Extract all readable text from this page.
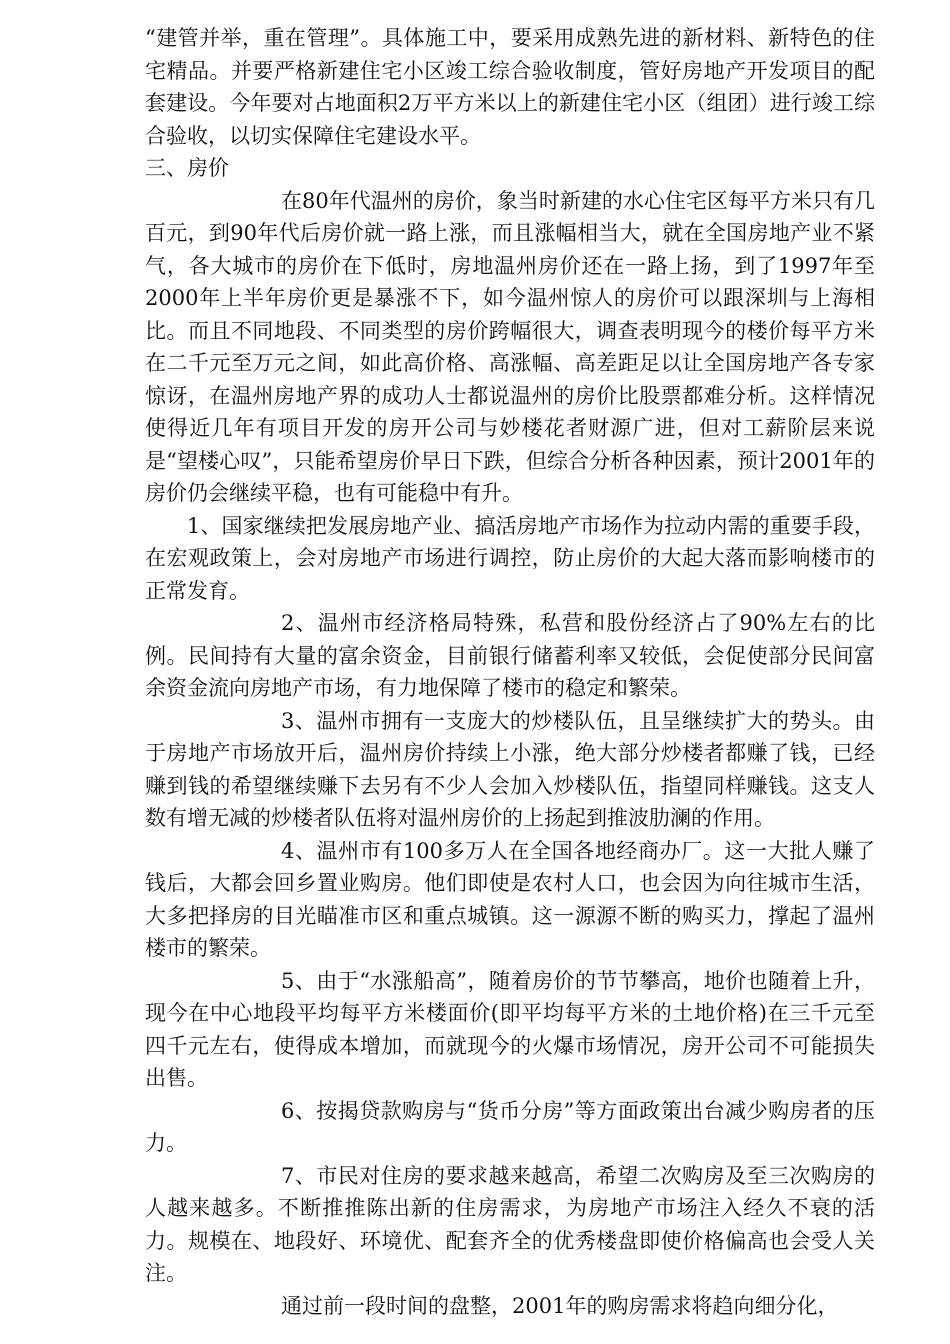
“建管并举，重在管理”。具体施工中，要采用成熟先进的新材料、新特色的住宅精品。并要严格新建住宅小区竣工综合验收制度，管好房地产开发项目的配套建设。今年要对占地面积2万平方米以上的新建住宅小区（组团）进行竣工综合验收，以切实保障住宅建设水平。

三、房价

在80年代温州的房价，象当时新建的水心住宅区每平方米只有几百元，到90年代后房价就一路上涨，而且涨幅相当大，就在全国房地产业不紧气，各大城市的房价在下低时，房地温州房价还在一路上扬，到了1997年至2000年上半年房价更是暴涨不下，如今温州惊人的房价可以跟深圳与上海相比。而且不同地段、不同类型的房价跨幅很大，调查表明现今的楼价每平方米在二千元至万元之间，如此高价格、高涨幅、高差距足以让全国房地产各专家惊讶，在温州房地产界的成功人士都说温州的房价比股票都难分析。这样情况使得近几年有项目开发的房开公司与妙楼花者财源广进，但对工薪阶层来说是“望楼心叹”，只能希望房价早日下跌，但综合分析各种因素，预计2001年的房价仍会继续平稳，也有可能稳中有升。

1、国家继续把发展房地产业、搞活房地产市场作为拉动内需的重要手段，在宏观政策上，会对房地产市场进行调控，防止房价的大起大落而影响楼市的正常发育。

2、温州市经济格局特殊，私营和股份经济占了90%左右的比例。民间持有大量的富余资金，目前银行储蓄利率又较低，会促使部分民间富余资金流向房地产市场，有力地保障了楼市的稳定和繁荣。

3、温州市拥有一支庞大的炒楼队伍，且呈继续扩大的势头。由于房地产市场放开后，温州房价持续上小涨，绝大部分炒楼者都赚了钱，已经赚到钱的希望继续赚下去另有不少人会加入炒楼队伍，指望同样赚钱。这支人数有增无减的炒楼者队伍将对温州房价的上扬起到推波肋澜的作用。

4、温州市有100多万人在全国各地经商办厂。这一大批人赚了钱后，大都会回乡置业购房。他们即使是农村人口，也会因为向往城市生活，大多把择房的目光瞄准市区和重点城镇。这一源源不断的购买力，撑起了温州楼市的繁荣。

5、由于“水涨船高”，随着房价的节节攀高，地价也随着上升，现今在中心地段平均每平方米楼面价(即平均每平方米的土地价格)在三千元至四千元左右，使得成本增加，而就现今的火爆市场情况，房开公司不可能损失出售。

6、按揭贷款购房与“货币分房”等方面政策出台减少购房者的压力。

7、市民对住房的要求越来越高，希望二次购房及至三次购房的人越来越多。不断推推陈出新的住房需求，为房地产市场注入经久不衰的活力。规模在、地段好、环境优、配套齐全的优秀楼盘即使价格偏高也会受人关注。

通过前一段时间的盘整，2001年的购房需求将趋向细分化，
